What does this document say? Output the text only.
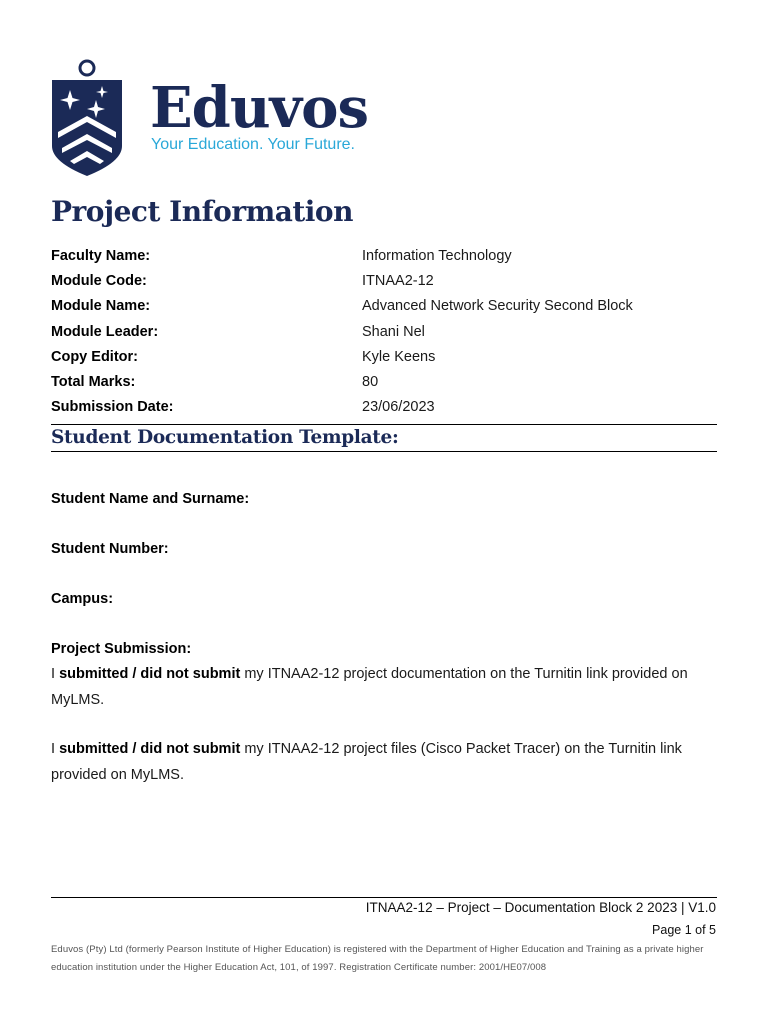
Eduvos
Your Education. Your Future.
Project Information
Faculty Name:	Information Technology
Module Code:	ITNAA2-12
Module Name:	Advanced Network Security Second Block
Module Leader:	Shani Nel
Copy Editor:	Kyle Keens
Total Marks:	80
Submission Date:	23/06/2023
Student Documentation Template:
Student Name and Surname:
Student Number:
Campus:
Project Submission:
I submitted / did not submit my ITNAA2-12 project documentation on the Turnitin link provided on MyLMS.
I submitted / did not submit my ITNAA2-12 project files (Cisco Packet Tracer) on the Turnitin link provided on MyLMS.
ITNAA2-12 – Project – Documentation Block 2 2023 | V1.0
Page 1 of 5
Eduvos (Pty) Ltd (formerly Pearson Institute of Higher Education) is registered with the Department of Higher Education and Training as a private higher education institution under the Higher Education Act, 101, of 1997. Registration Certificate number: 2001/HE07/008
